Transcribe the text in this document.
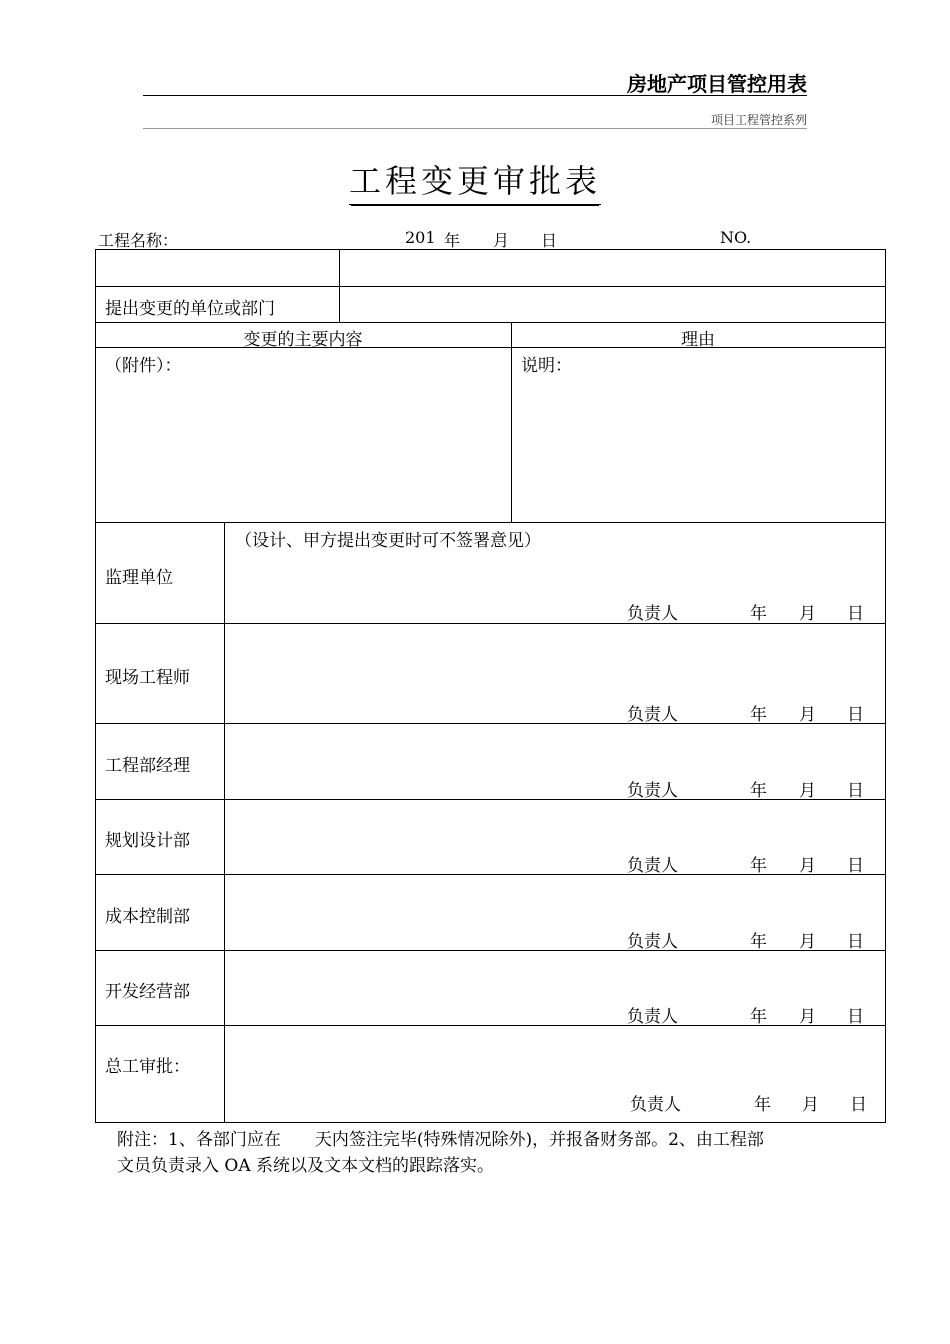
房地产项目管控用表
项目工程管控系列
工程变更审批表
工程名称：	201 年 月 日	NO.
提出变更的单位或部门
变更的主要内容	理由
（附件）：	说明：
监理单位
（设计、甲方提出变更时可不签署意见）
负责人	年 月 日
现场工程师
负责人	年 月 日
工程部经理
负责人	年 月 日
规划设计部
负责人	年 月 日
成本控制部
负责人	年 月 日
开发经营部
负责人	年 月 日
总工审批：
负责人	年 月 日
附注：1、各部门应在　　天内签注完毕(特殊情况除外)，并报备财务部。2、由工程部
文员负责录入 OA 系统以及文本文档的跟踪落实。
